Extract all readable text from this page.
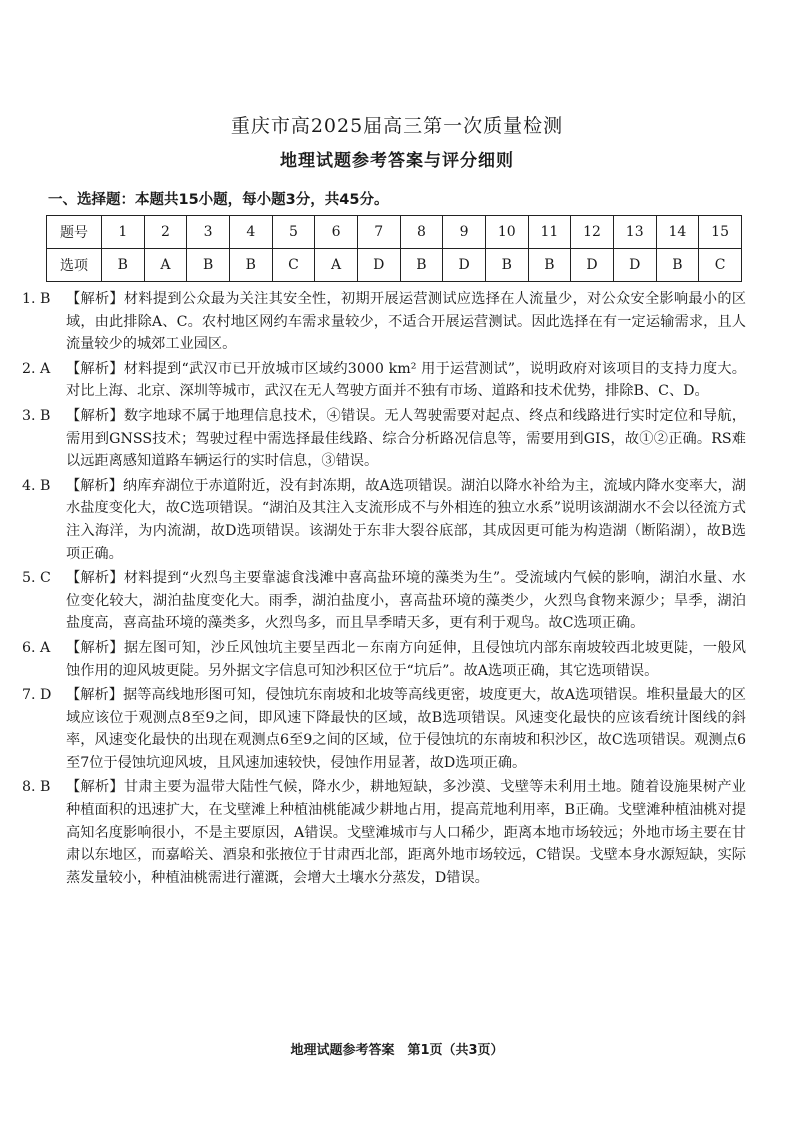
重庆市高2025届高三第一次质量检测
地理试题参考答案与评分细则
一、选择题：本题共15小题，每小题3分，共45分。
题号	1	2	3	4	5	6	7	8	9	10	11	12	13	14	15
选项	B	A	B	B	C	A	D	B	D	B	B	D	D	B	C
1. B	【解析】材料提到公众最为关注其安全性，初期开展运营测试应选择在人流量少，对公众安全影响最小的区域，由此排除A、C。农村地区网约车需求量较少，不适合开展运营测试。因此选择在有一定运输需求，且人流量较少的城郊工业园区。
2. A	【解析】材料提到“武汉市已开放城市区域约3000 km² 用于运营测试”，说明政府对该项目的支持力度大。对比上海、北京、深圳等城市，武汉在无人驾驶方面并不独有市场、道路和技术优势，排除B、C、D。
3. B	【解析】数字地球不属于地理信息技术，④错误。无人驾驶需要对起点、终点和线路进行实时定位和导航，需用到GNSS技术；驾驶过程中需选择最佳线路、综合分析路况信息等，需要用到GIS，故①②正确。RS难以远距离感知道路车辆运行的实时信息，③错误。
4. B	【解析】纳库弃湖位于赤道附近，没有封冻期，故A选项错误。湖泊以降水补给为主，流域内降水变率大，湖水盐度变化大，故C选项错误。“湖泊及其注入支流形成不与外相连的独立水系”说明该湖湖水不会以径流方式注入海洋，为内流湖，故D选项错误。该湖处于东非大裂谷底部，其成因更可能为构造湖（断陷湖），故B选项正确。
5. C	【解析】材料提到“火烈鸟主要靠滤食浅滩中喜高盐环境的藻类为生”。受流域内气候的影响，湖泊水量、水位变化较大，湖泊盐度变化大。雨季，湖泊盐度小，喜高盐环境的藻类少，火烈鸟食物来源少；旱季，湖泊盐度高，喜高盐环境的藻类多，火烈鸟多，而且旱季晴天多，更有利于观鸟。故C选项正确。
6. A	【解析】据左图可知，沙丘风蚀坑主要呈西北－东南方向延伸，且侵蚀坑内部东南坡较西北坡更陡，一般风蚀作用的迎风坡更陡。另外据文字信息可知沙积区位于“坑后”。故A选项正确，其它选项错误。
7. D	【解析】据等高线地形图可知，侵蚀坑东南坡和北坡等高线更密，坡度更大，故A选项错误。堆积量最大的区域应该位于观测点8至9之间，即风速下降最快的区域，故B选项错误。风速变化最快的应该看统计图线的斜率，风速变化最快的出现在观测点6至9之间的区域，位于侵蚀坑的东南坡和积沙区，故C选项错误。观测点6至7位于侵蚀坑迎风坡，且风速加速较快，侵蚀作用显著，故D选项正确。
8. B	【解析】甘肃主要为温带大陆性气候，降水少，耕地短缺，多沙漠、戈壁等未利用土地。随着设施果树产业种植面积的迅速扩大，在戈壁滩上种植油桃能减少耕地占用，提高荒地利用率，B正确。戈壁滩种植油桃对提高知名度影响很小，不是主要原因，A错误。戈壁滩城市与人口稀少，距离本地市场较远；外地市场主要在甘肃以东地区，而嘉峪关、酒泉和张掖位于甘肃西北部，距离外地市场较远，C错误。戈壁本身水源短缺，实际蒸发量较小，种植油桃需进行灌溉，会增大土壤水分蒸发，D错误。
地理试题参考答案　第1页（共3页）
